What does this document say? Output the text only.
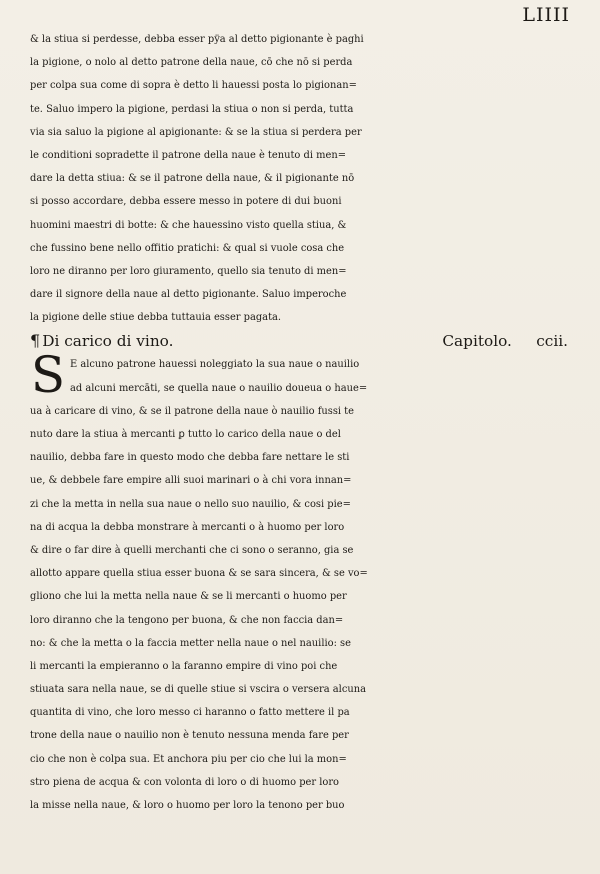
LIIII
& la stiua si perdesse, debba esser pÿa al detto pigionante è paghi
la pigione, o nolo al detto patrone della naue, cō che nō si perda
per colpa sua come di sopra è detto li hauessi posta lo pigionan=
te. Saluo impero la pigione, perdasi la stiua o non si perda, tutta
via sia saluo la pigione al apigionante: & se la stiua si perdera per
le conditioni sopradette il patrone della naue è tenuto di men=
dare la detta stiua: & se il patrone della naue, & il pigionante nō
si posso accordare, debba essere messo in potere di dui buoni
huomini maestri di botte: & che hauessino visto quella stiua, &
che fussino bene nello offitio pratichi: & qual si vuole cosa che
loro ne diranno per loro giuramento, quello sia tenuto di men=
dare il signore della naue al detto pigionante. Saluo imperoche
la pigione delle stiue debba tuttauia esser pagata.
¶ Di carico di vino.	Capitolo.     ccii.
S E alcuno patrone hauessi noleggiato la sua naue o nauilio
ad alcuni mercāti, se quella naue o nauilio doueua o haue=
ua à caricare di vino, & se il patrone della naue ò nauilio fussi te
nuto dare la stiua à mercanti ꝑ tutto lo carico della naue o del
nauilio, debba fare in questo modo che debba fare nettare le sti
ue, & debbele fare empire alli suoi marinari o à chi vora innan=
zi che la metta in nella sua naue o nello suo nauilio, & cosi pie=
na di acqua la debba monstrare à mercanti o à huomo per loro
& dire o far dire à quelli merchanti che ci sono o seranno, gia se
allotto appare quella stiua esser buona & se sara sincera, & se vo=
gliono che lui la metta nella naue & se li mercanti o huomo per
loro diranno che la tengono per buona, & che non faccia dan=
no: & che la metta o la faccia metter nella naue o nel nauilio: se
li mercanti la empieranno o la faranno empire di vino poi che
stiuata sara nella naue, se di quelle stiue si vscira o versera alcuna
quantita di vino, che loro messo ci haranno o fatto mettere il pa
trone della naue o nauilio non è tenuto nessuna menda fare per
cio che non è colpa sua. Et anchora piu per cio che lui la mon=
stro piena de acqua & con volonta di loro o di huomo per loro
la misse nella naue, & loro o huomo per loro la tenono per buo
